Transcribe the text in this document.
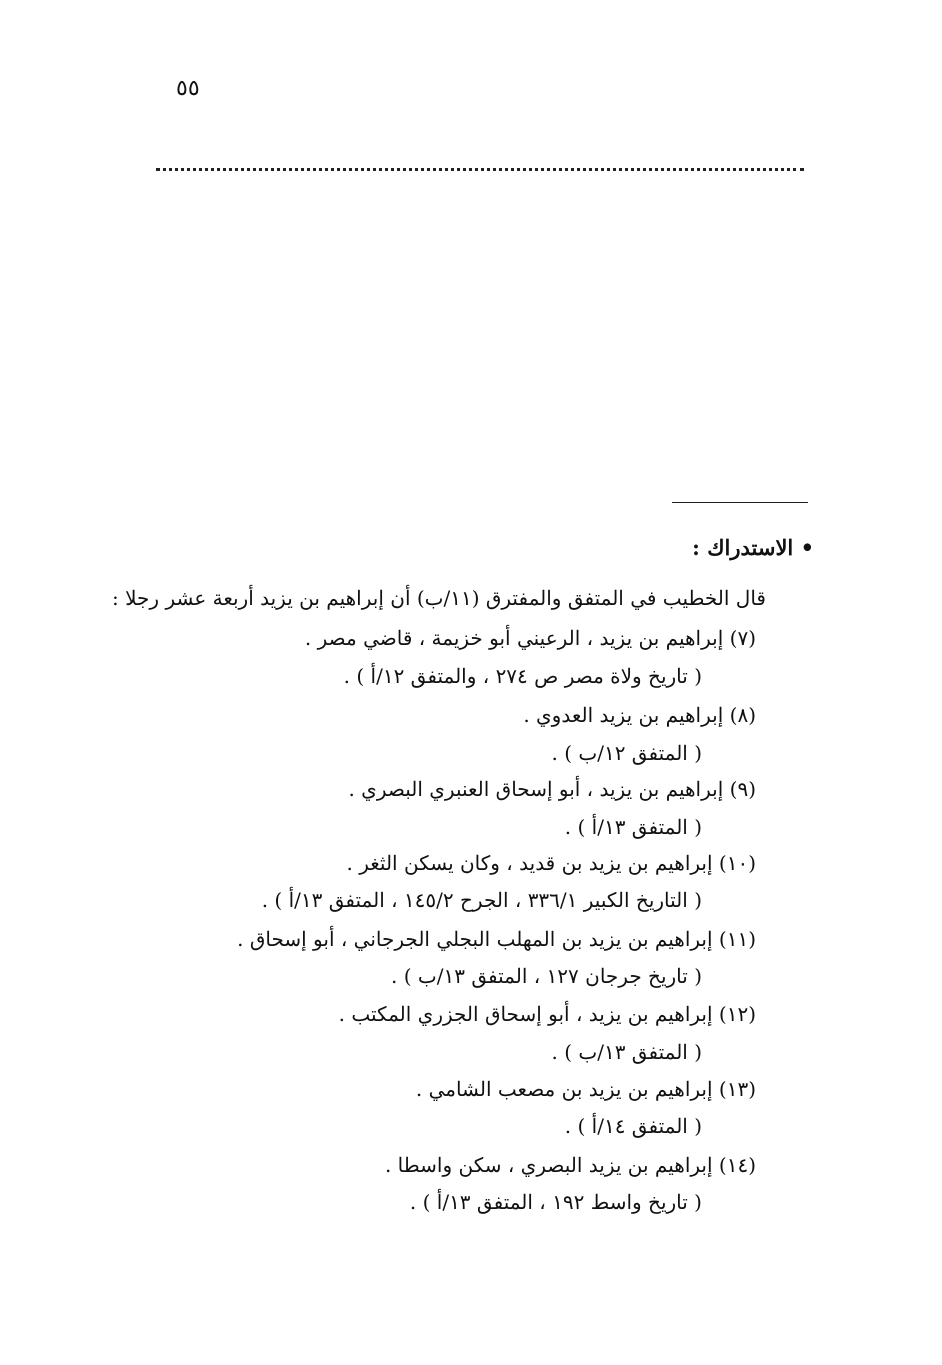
٥٥
• الاستدراك :
قال الخطيب في المتفق والمفترق (١١/ب) أن إبراهيم بن يزيد أربعة عشر رجلا :
(٧) إبراهيم بن يزيد ، الرعيني أبو خزيمة ، قاضي مصر .
( تاريخ ولاة مصر ص ٢٧٤ ، والمتفق ١٢/أ ) .
(٨) إبراهيم بن يزيد العدوي .
( المتفق ١٢/ب ) .
(٩) إبراهيم بن يزيد ، أبو إسحاق العنبري البصري .
( المتفق ١٣/أ ) .
(١٠) إبراهيم بن يزيد بن قديد ، وكان يسكن الثغر .
( التاريخ الكبير ٣٣٦/١ ، الجرح ١٤٥/٢ ، المتفق ١٣/أ ) .
(١١) إبراهيم بن يزيد بن المهلب البجلي الجرجاني ، أبو إسحاق .
( تاريخ جرجان ١٢٧ ، المتفق ١٣/ب ) .
(١٢) إبراهيم بن يزيد ، أبو إسحاق الجزري المكتب .
( المتفق ١٣/ب ) .
(١٣) إبراهيم بن يزيد بن مصعب الشامي .
( المتفق ١٤/أ ) .
(١٤) إبراهيم بن يزيد البصري ، سكن واسطا .
( تاريخ واسط ١٩٢ ، المتفق ١٣/أ ) .
